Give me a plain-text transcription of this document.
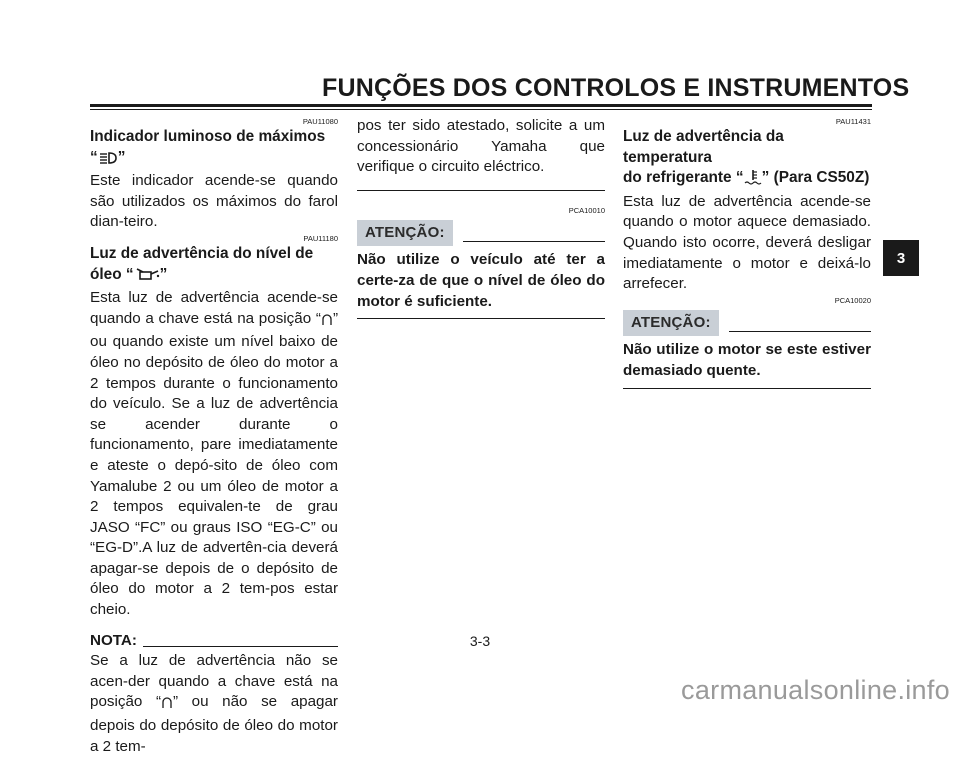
FUNÇÕES DOS CONTROLOS E INSTRUMENTOS
PAU11080
Indicador luminoso de máximos
“ ”
Este indicador acende-se quando são utilizados os máximos do farol dian-teiro.
PAU11180
Luz de advertência do nível de
óleo “ ”
Esta luz de advertência acende-se quando a chave está na posição “ ” ou quando existe um nível baixo de óleo no depósito de óleo do motor a 2 tempos durante o funcionamento do veículo. Se a luz de advertência se acender durante o funcionamento, pare imediatamente e ateste o depó-sito de óleo com Yamalube 2 ou um óleo de motor a 2 tempos equivalen-te de grau JASO “FC” ou graus ISO “EG-C” ou “EG-D”.A luz de advertên-cia deverá apagar-se depois de o depósito de óleo do motor a 2 tem-pos estar cheio.
NOTA:
Se a luz de advertência não se acen-der quando a chave está na posição “ ” ou não se apagar depois do depósito de óleo do motor a 2 tem-
pos ter sido atestado, solicite a um concessionário Yamaha que verifique o circuito eléctrico.
PCA10010
ATENÇÃO:
Não utilize o veículo até ter a certe-za de que o nível de óleo do motor é suficiente.
PAU11431
Luz de advertência da temperatura
do refrigerante “ ” (Para CS50Z)
Esta luz de advertência acende-se quando o motor aquece demasiado. Quando isto ocorre, deverá desligar imediatamente o motor e deixá-lo arrefecer.
PCA10020
ATENÇÃO:
Não utilize o motor se este estiver demasiado quente.
3
3-3
carmanualsonline.info
